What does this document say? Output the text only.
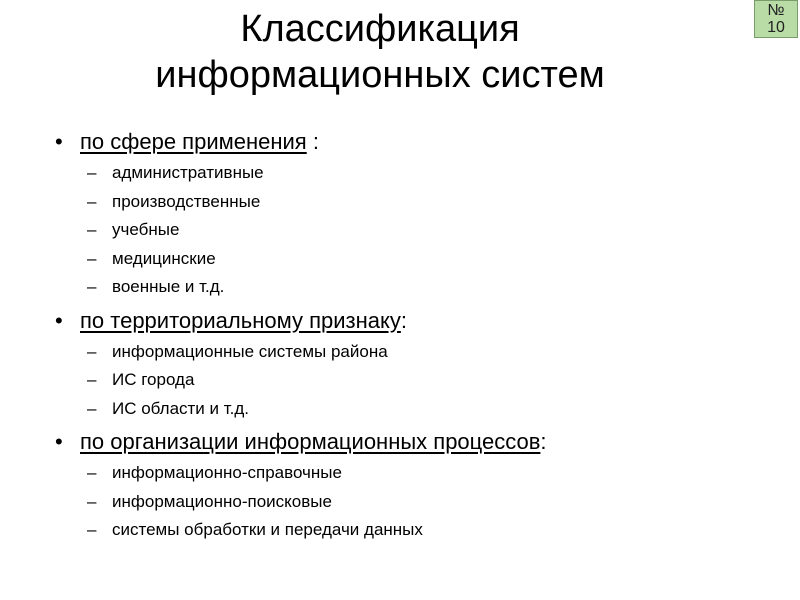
№
10
Классификация
информационных систем
• по сфере применения :
– административные
– производственные
– учебные
– медицинские
– военные и т.д.
• по территориальному признаку:
– информационные системы района
– ИС города
– ИС области и т.д.
• по организации информационных процессов:
– информационно-справочные
– информационно-поисковые
– системы обработки и передачи данных
